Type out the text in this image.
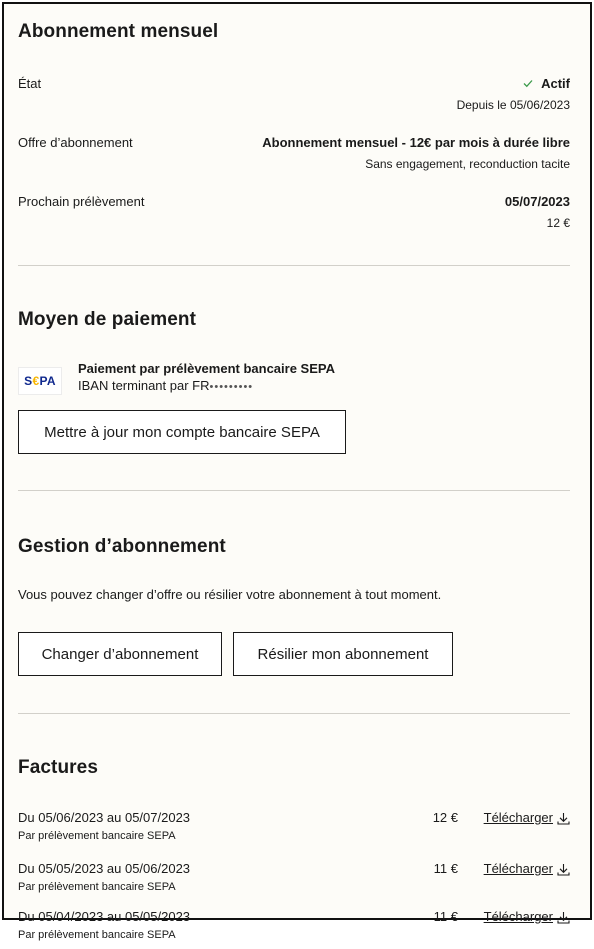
Abonnement mensuel
État	Actif
Depuis le 05/06/2023
Offre d’abonnement	Abonnement mensuel - 12€ par mois à durée libre
Sans engagement, reconduction tacite
Prochain prélèvement	05/07/2023
12 €
Moyen de paiement
S€PA
Paiement par prélèvement bancaire SEPA
IBAN terminant par FR•••••••••
Mettre à jour mon compte bancaire SEPA
Gestion d’abonnement
Vous pouvez changer d’offre ou résilier votre abonnement à tout moment.
Changer d’abonnement	Résilier mon abonnement
Factures
Du 05/06/2023 au 05/07/2023
Par prélèvement bancaire SEPA
12 € Télécharger
Du 05/05/2023 au 05/06/2023
Par prélèvement bancaire SEPA
11 € Télécharger
Du 05/04/2023 au 05/05/2023
Par prélèvement bancaire SEPA
11 € Télécharger
